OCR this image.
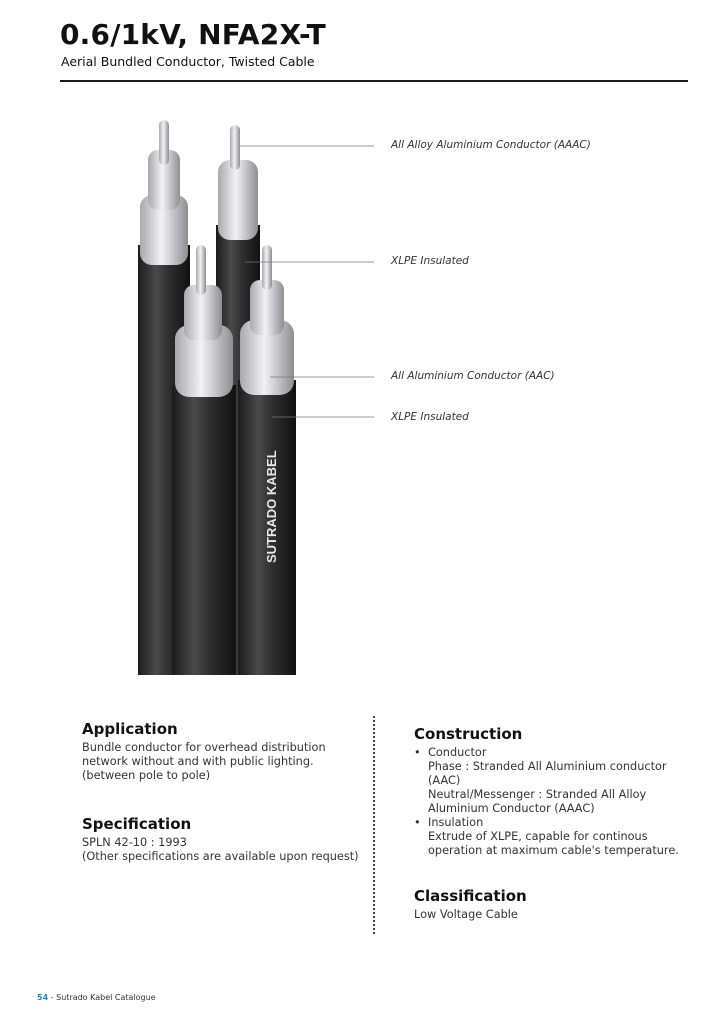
0.6/1kV, NFA2X-T
Aerial Bundled Conductor, Twisted Cable
SUTRADO KABEL
All Alloy Aluminium Conductor (AAAC)
XLPE Insulated
All Aluminium Conductor (AAC)
XLPE Insulated
Application
Bundle conductor for overhead distribution
network without and with public lighting.
(between pole to pole)
Specification
SPLN 42-10 : 1993
(Other specifications are available upon request)
Construction
• Conductor
Phase : Stranded All Aluminium conductor
(AAC)
Neutral/Messenger : Stranded All Alloy
Aluminium Conductor (AAAC)
• Insulation
Extrude of XLPE, capable for continous
operation at maximum cable's temperature.
Classification
Low Voltage Cable
54 - Sutrado Kabel Catalogue
